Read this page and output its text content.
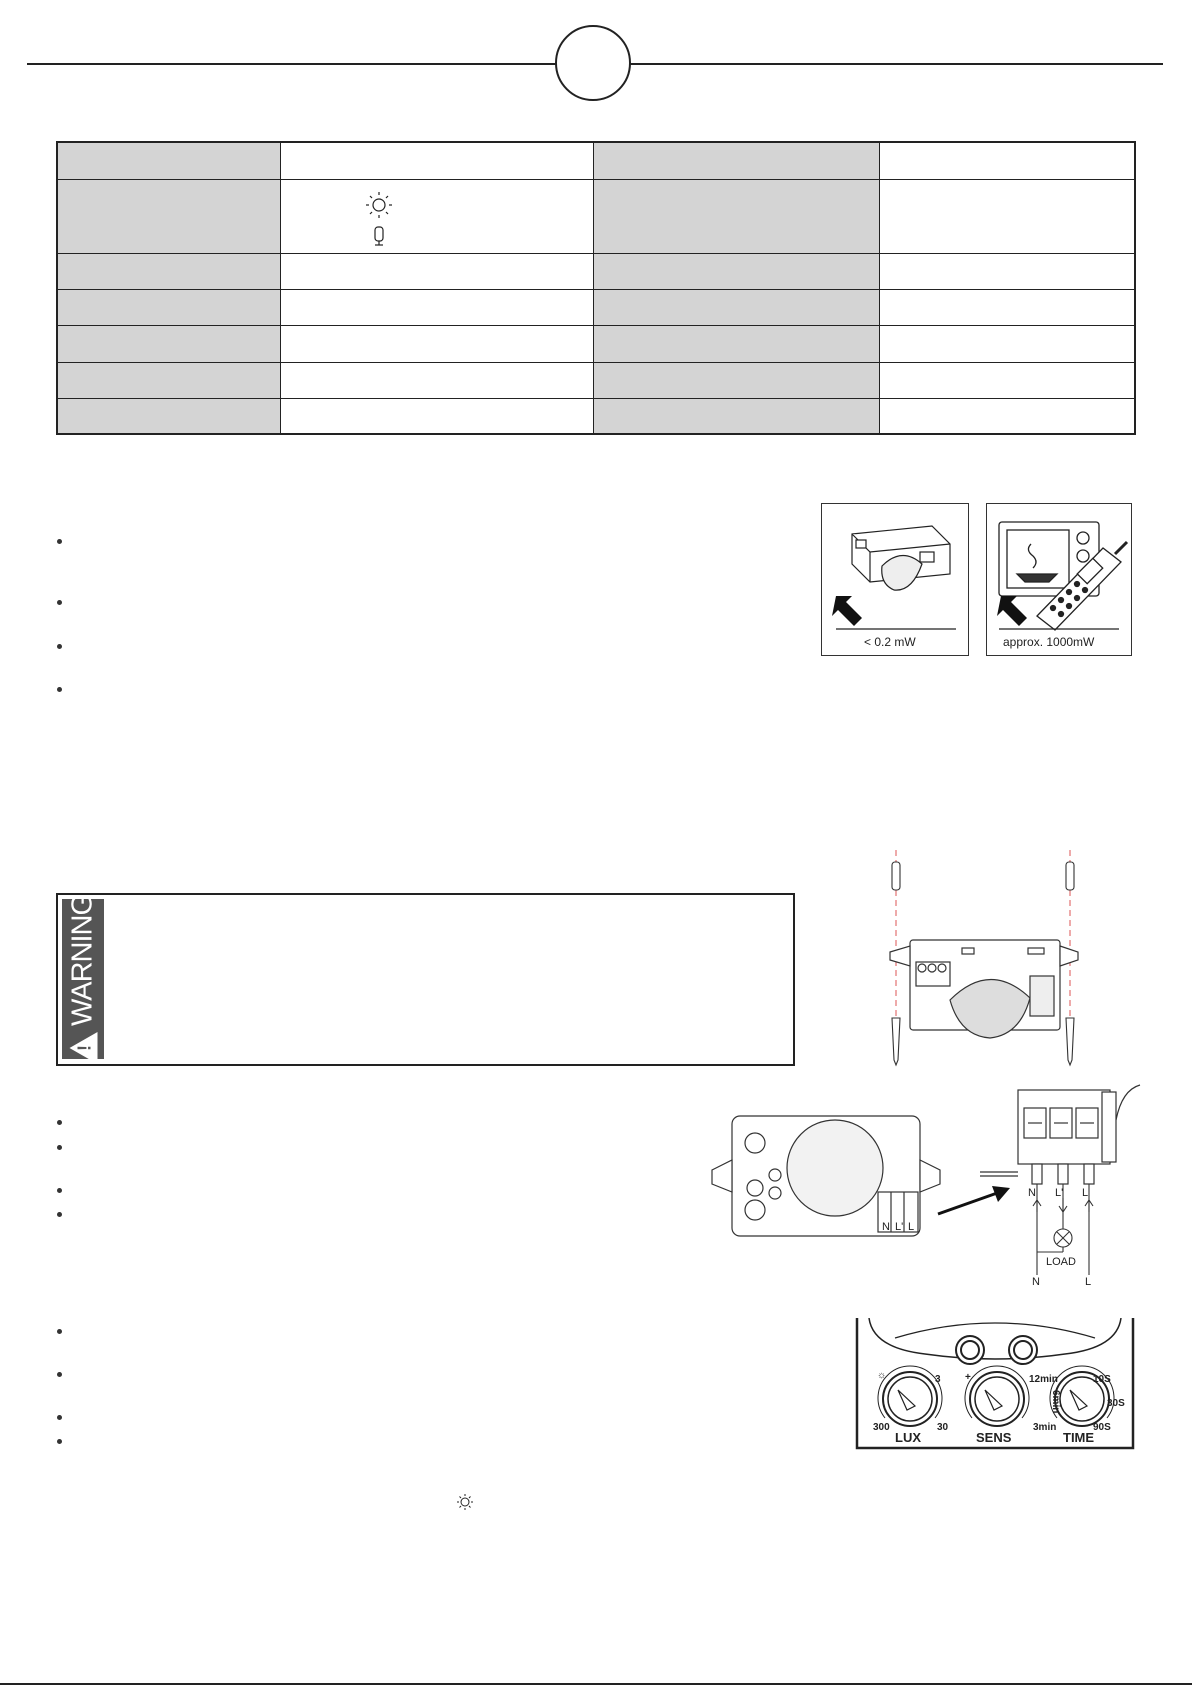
< 0.2 mW	approx. 1000mW
!
WARNING
N L' L
N L' L
LOAD
N	L
☼	3
30
300
+	12min	10S
30S
90S
3min
6min
LUX	SENS	TIME
